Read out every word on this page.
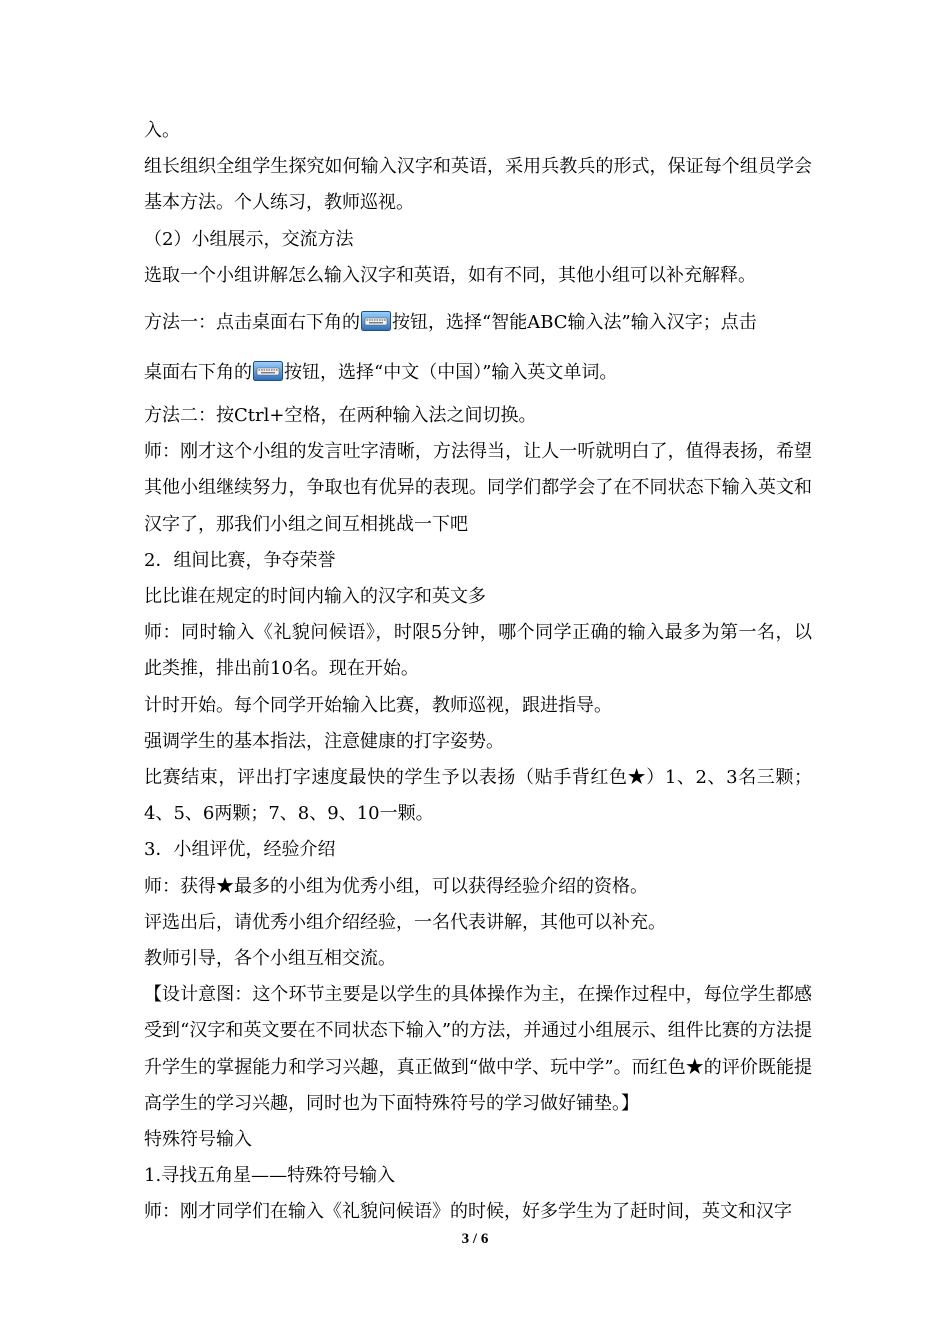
入。

组长组织全组学生探究如何输入汉字和英语，采用兵教兵的形式，保证每个组员学会基本方法。个人练习，教师巡视。

（2）小组展示，交流方法

选取一个小组讲解怎么输入汉字和英语，如有不同，其他小组可以补充解释。

方法一：点击桌面右下角的 按钮，选择“智能ABC输入法”输入汉字；点击

桌面右下角的 按钮，选择“中文（中国）”输入英文单词。

方法二：按Ctrl+空格，在两种输入法之间切换。

师：刚才这个小组的发言吐字清晰，方法得当，让人一听就明白了，值得表扬，希望其他小组继续努力，争取也有优异的表现。同学们都学会了在不同状态下输入英文和汉字了，那我们小组之间互相挑战一下吧

2．组间比赛，争夺荣誉

比比谁在规定的时间内输入的汉字和英文多

师：同时输入《礼貌问候语》，时限5分钟，哪个同学正确的输入最多为第一名，以此类推，排出前10名。现在开始。

计时开始。每个同学开始输入比赛，教师巡视，跟进指导。

强调学生的基本指法，注意健康的打字姿势。

比赛结束，评出打字速度最快的学生予以表扬（贴手背红色★）1、2、3名三颗；4、5、6两颗；7、8、9、10一颗。

3．小组评优，经验介绍

师：获得★最多的小组为优秀小组，可以获得经验介绍的资格。

评选出后，请优秀小组介绍经验，一名代表讲解，其他可以补充。

教师引导，各个小组互相交流。

【设计意图：这个环节主要是以学生的具体操作为主，在操作过程中，每位学生都感受到“汉字和英文要在不同状态下输入”的方法，并通过小组展示、组件比赛的方法提升学生的掌握能力和学习兴趣，真正做到“做中学、玩中学”。而红色★的评价既能提高学生的学习兴趣，同时也为下面特殊符号的学习做好铺垫。】

特殊符号输入

1.寻找五角星——特殊符号输入

师：刚才同学们在输入《礼貌问候语》的时候，好多学生为了赶时间，英文和汉字

3 / 6
